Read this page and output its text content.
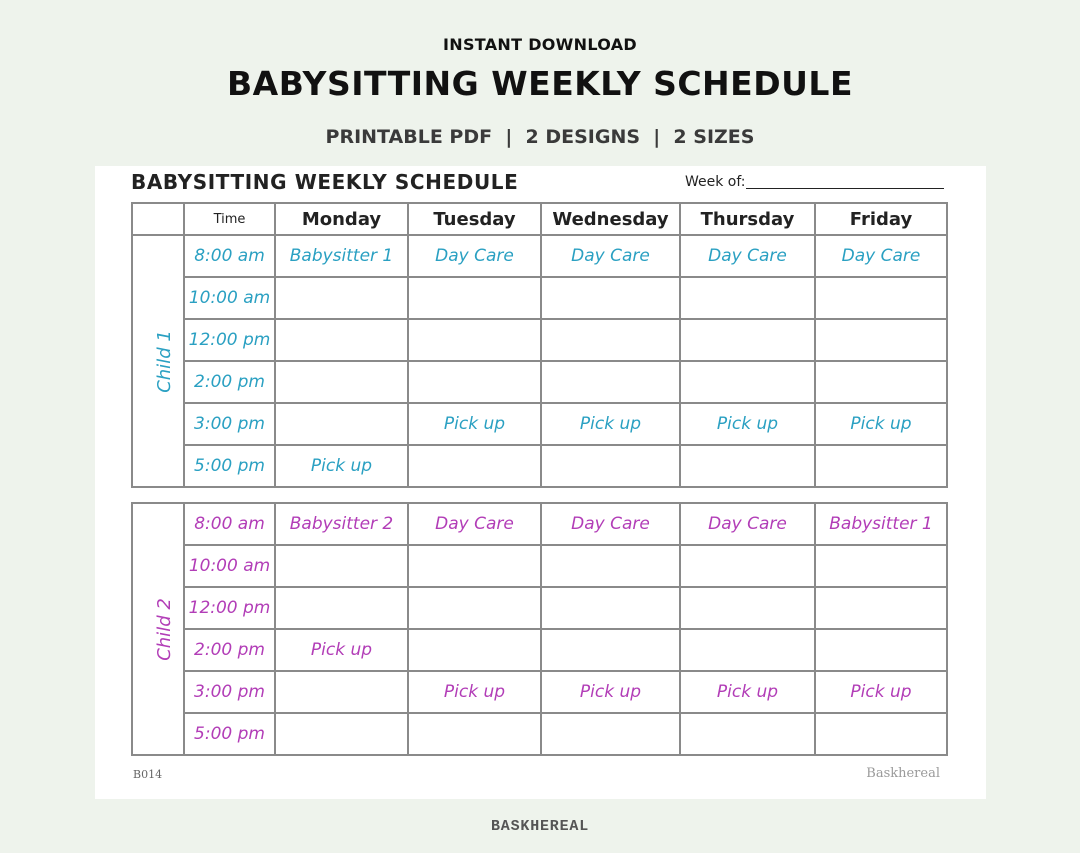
INSTANT DOWNLOAD
BABYSITTING WEEKLY SCHEDULE
PRINTABLE PDF  |  2 DESIGNS  |  2 SIZES
BABYSITTING WEEKLY SCHEDULE	Week of:
	Time	Monday	Tuesday	Wednesday	Thursday	Friday
Child 1	8:00 am	Babysitter 1	Day Care	Day Care	Day Care	Day Care
	10:00 am					
	12:00 pm					
	2:00 pm					
	3:00 pm		Pick up	Pick up	Pick up	Pick up
	5:00 pm	Pick up				
Child 2	8:00 am	Babysitter 2	Day Care	Day Care	Day Care	Babysitter 1
	10:00 am					
	12:00 pm					
	2:00 pm	Pick up				
	3:00 pm		Pick up	Pick up	Pick up	Pick up
	5:00 pm					
B014	Baskhereal
BASKHEREAL
